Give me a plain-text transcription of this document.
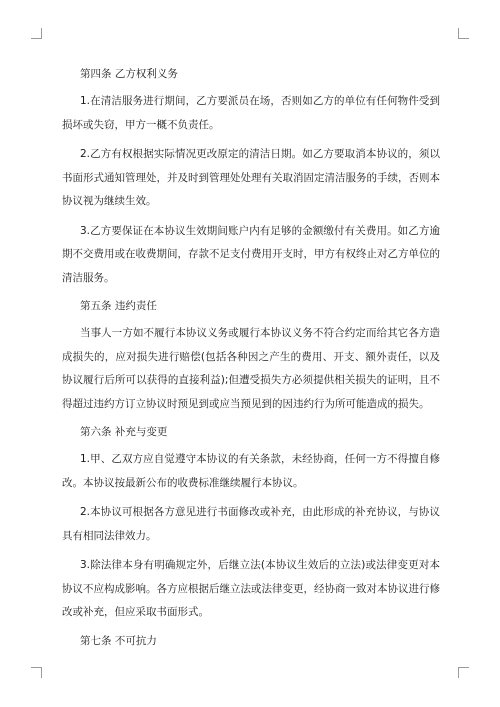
第四条 乙方权利义务

1.在清洁服务进行期间，乙方要派员在场，否则如乙方的单位有任何物件受到损坏或失窃，甲方一概不负责任。

2.乙方有权根据实际情况更改原定的清洁日期。如乙方要取消本协议的，须以书面形式通知管理处，并及时到管理处处理有关取消固定清洁服务的手续，否则本协议视为继续生效。

3.乙方要保证在本协议生效期间账户内有足够的金额缴付有关费用。如乙方逾期不交费用或在收费期间，存款不足支付费用开支时，甲方有权终止对乙方单位的清洁服务。

第五条 违约责任

当事人一方如不履行本协议义务或履行本协议义务不符合约定而给其它各方造成损失的，应对损失进行赔偿(包括各种因之产生的费用、开支、额外责任，以及协议履行后所可以获得的直接利益);但遭受损失方必须提供相关损失的证明，且不得超过违约方订立协议时预见到或应当预见到的因违约行为所可能造成的损失。

第六条 补充与变更

1.甲、乙双方应自觉遵守本协议的有关条款，未经协商，任何一方不得擅自修改。本协议按最新公布的收费标准继续履行本协议。

2.本协议可根据各方意见进行书面修改或补充，由此形成的补充协议，与协议具有相同法律效力。

3.除法律本身有明确规定外，后继立法(本协议生效后的立法)或法律变更对本协议不应构成影响。各方应根据后继立法或法律变更，经协商一致对本协议进行修改或补充，但应采取书面形式。

第七条 不可抗力
